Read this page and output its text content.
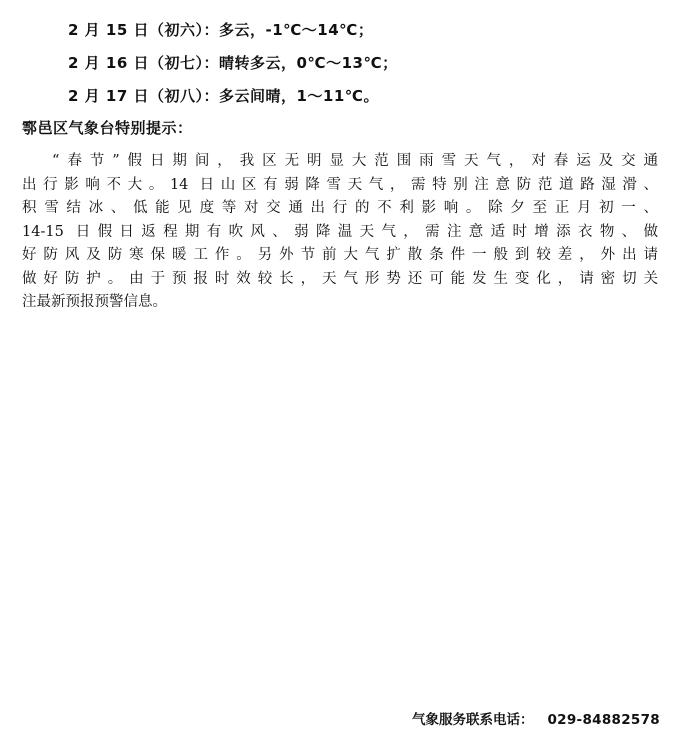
2 月 15 日（初六）：多云，-1℃～14℃；
2 月 16 日（初七）：晴转多云，0℃～13℃；
2 月 17 日（初八）：多云间晴，1～11℃。
鄠邑区气象台特别提示：
“春节”假日期间，我区无明显大范围雨雪天气，对春运及交通
出行影响不大。14 日山区有弱降雪天气，需特别注意防范道路湿滑、
积雪结冰、低能见度等对交通出行的不利影响。除夕至正月初一、
14-15 日假日返程期有吹风、弱降温天气，需注意适时增添衣物、做
好防风及防寒保暖工作。另外节前大气扩散条件一般到较差，外出请
做好防护。由于预报时效较长，天气形势还可能发生变化，请密切关
注最新预报预警信息。
气象服务联系电话： 029-84882578
